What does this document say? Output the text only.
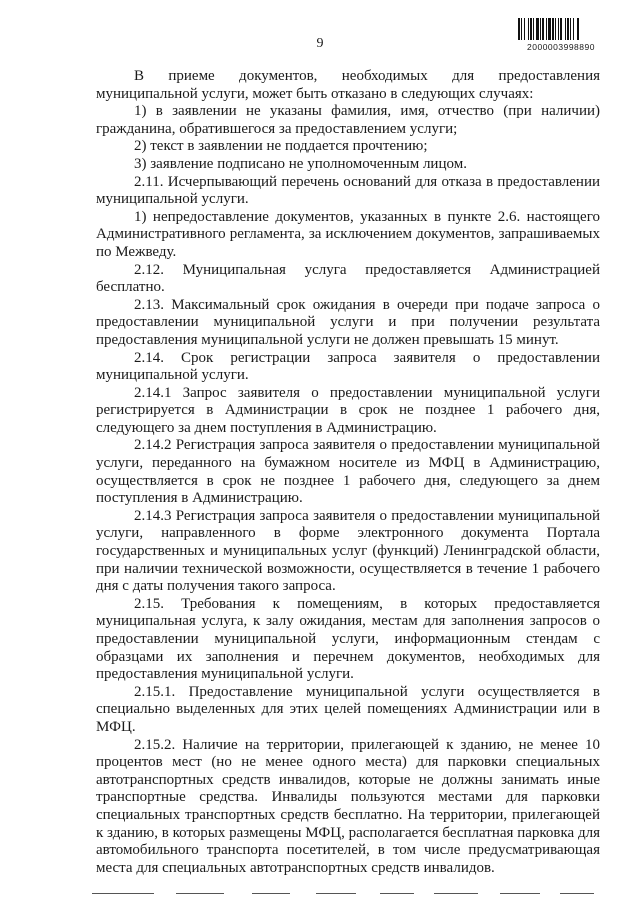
9	2000003998890

В приеме документов, необходимых для предоставления муниципальной услуги, может быть отказано в следующих случаях:

1) в заявлении не указаны фамилия, имя, отчество (при наличии) гражданина, обратившегося за предоставлением услуги;

2) текст в заявлении не поддается прочтению;

3) заявление подписано не уполномоченным лицом.

2.11. Исчерпывающий перечень оснований для отказа в предоставлении муниципальной услуги.

1) непредоставление документов, указанных в пункте 2.6. настоящего Административного регламента, за исключением документов, запрашиваемых по Межведу.

2.12. Муниципальная услуга предоставляется Администрацией бесплатно.

2.13. Максимальный срок ожидания в очереди при подаче запроса о предоставлении муниципальной услуги и при получении результата предоставления муниципальной услуги не должен превышать 15 минут.

2.14. Срок регистрации запроса заявителя о предоставлении муниципальной услуги.

2.14.1 Запрос заявителя о предоставлении муниципальной услуги регистрируется в Администрации в срок не позднее 1 рабочего дня, следующего за днем поступления в Администрацию.

2.14.2 Регистрация запроса заявителя о предоставлении муниципальной услуги, переданного на бумажном носителе из МФЦ в Администрацию, осуществляется в срок не позднее 1 рабочего дня, следующего за днем поступления в Администрацию.

2.14.3 Регистрация запроса заявителя о предоставлении муниципальной услуги, направленного в форме электронного документа Портала государственных и муниципальных услуг (функций) Ленинградской области, при наличии технической возможности, осуществляется в течение 1 рабочего дня с даты получения такого запроса.

2.15. Требования к помещениям, в которых предоставляется муниципальная услуга, к залу ожидания, местам для заполнения запросов о предоставлении муниципальной услуги, информационным стендам с образцами их заполнения и перечнем документов, необходимых для предоставления муниципальной услуги.

2.15.1. Предоставление муниципальной услуги осуществляется в специально выделенных для этих целей помещениях Администрации или в МФЦ.

2.15.2. Наличие на территории, прилегающей к зданию, не менее 10 процентов мест (но не менее одного места) для парковки специальных автотранспортных средств инвалидов, которые не должны занимать иные транспортные средства. Инвалиды пользуются местами для парковки специальных транспортных средств бесплатно. На территории, прилегающей к зданию, в которых размещены МФЦ, располагается бесплатная парковка для автомобильного транспорта посетителей, в том числе предусматривающая места для специальных автотранспортных средств инвалидов.
